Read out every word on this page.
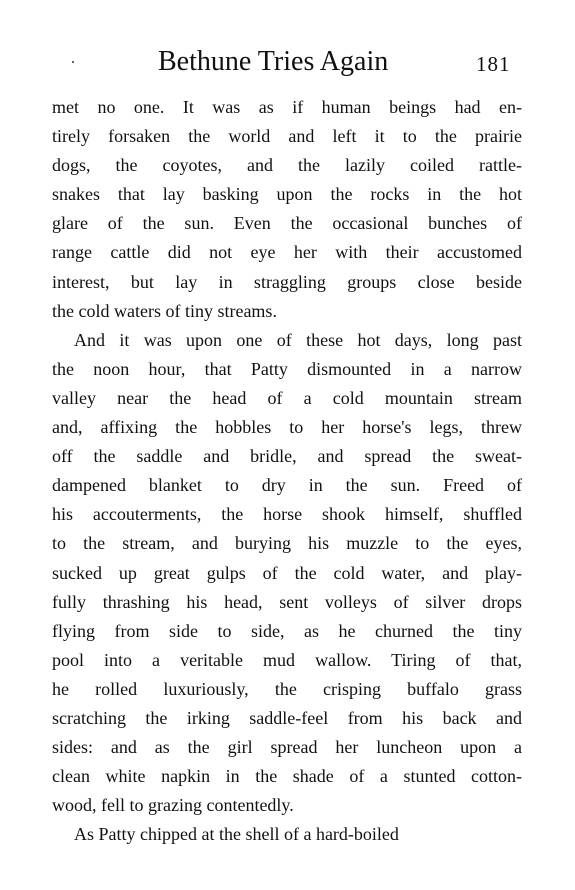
Bethune Tries Again	181
met no one. It was as if human beings had en-
tirely forsaken the world and left it to the prairie
dogs, the coyotes, and the lazily coiled rattle-
snakes that lay basking upon the rocks in the hot
glare of the sun. Even the occasional bunches of
range cattle did not eye her with their accustomed
interest, but lay in straggling groups close beside
the cold waters of tiny streams.
And it was upon one of these hot days, long past
the noon hour, that Patty dismounted in a narrow
valley near the head of a cold mountain stream
and, affixing the hobbles to her horse's legs, threw
off the saddle and bridle, and spread the sweat-
dampened blanket to dry in the sun. Freed of
his accouterments, the horse shook himself, shuffled
to the stream, and burying his muzzle to the eyes,
sucked up great gulps of the cold water, and play-
fully thrashing his head, sent volleys of silver drops
flying from side to side, as he churned the tiny
pool into a veritable mud wallow. Tiring of that,
he rolled luxuriously, the crisping buffalo grass
scratching the irking saddle-feel from his back and
sides: and as the girl spread her luncheon upon a
clean white napkin in the shade of a stunted cotton-
wood, fell to grazing contentedly.
As Patty chipped at the shell of a hard-boiled
